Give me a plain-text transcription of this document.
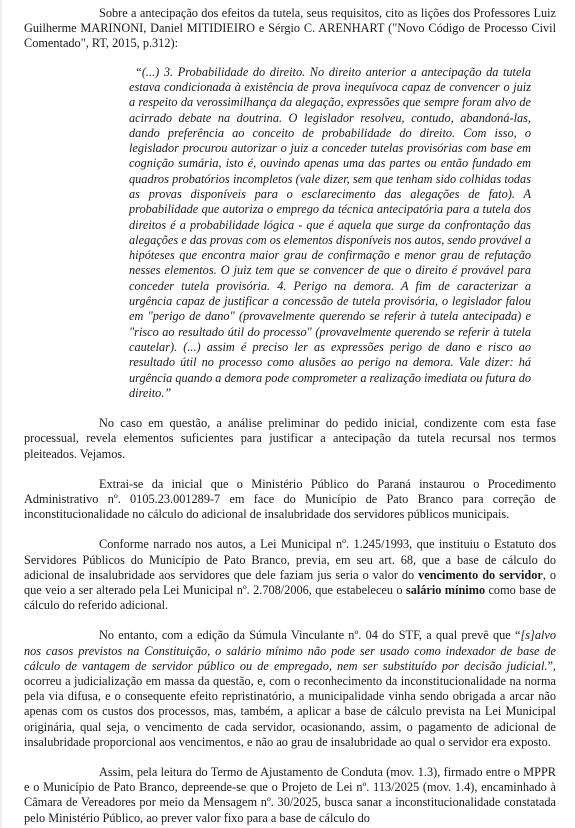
Sobre a antecipação dos efeitos da tutela, seus requisitos, cito as lições dos Professores Luiz Guilherme MARINONI, Daniel MITIDIEIRO e Sérgio C. ARENHART ("Novo Código de Processo Civil Comentado", RT, 2015, p.312):

“(...) 3. Probabilidade do direito. No direito anterior a antecipação da tutela estava condicionada à existência de prova inequívoca capaz de convencer o juiz a respeito da verossimilhança da alegação, expressões que sempre foram alvo de acirrado debate na doutrina. O legislador resolveu, contudo, abandoná-las, dando preferência ao conceito de probabilidade do direito. Com isso, o legislador procurou autorizar o juiz a conceder tutelas provisórias com base em cognição sumária, isto é, ouvindo apenas uma das partes ou então fundado em quadros probatórios incompletos (vale dizer, sem que tenham sido colhidas todas as provas disponíveis para o esclarecimento das alegações de fato). A probabilidade que autoriza o emprego da técnica antecipatória para a tutela dos direitos é a probabilidade lógica - que é aquela que surge da confrontação das alegações e das provas com os elementos disponíveis nos autos, sendo provável a hipóteses que encontra maior grau de confirmação e menor grau de refutação nesses elementos. O juiz tem que se convencer de que o direito é provável para conceder tutela provisória. 4. Perigo na demora. A fim de caracterizar a urgência capaz de justificar a concessão de tutela provisória, o legislador falou em "perigo de dano" (provavelmente querendo se referir à tutela antecipada) e "risco ao resultado útil do processo" (provavelmente querendo se referir à tutela cautelar). (...) assim é preciso ler as expressões perigo de dano e risco ao resultado útil no processo como alusões ao perigo na demora. Vale dizer: há urgência quando a demora pode comprometer a realização imediata ou futura do direito.”

No caso em questão, a análise preliminar do pedido inicial, condizente com esta fase processual, revela elementos suficientes para justificar a antecipação da tutela recursal nos termos pleiteados. Vejamos.

Extrai-se da inicial que o Ministério Público do Paraná instaurou o Procedimento Administrativo nº. 0105.23.001289-7 em face do Município de Pato Branco para correção de inconstitucionalidade no cálculo do adicional de insalubridade dos servidores públicos municipais.

Conforme narrado nos autos, a Lei Municipal nº. 1.245/1993, que instituiu o Estatuto dos Servidores Públicos do Município de Pato Branco, previa, em seu art. 68, que a base de cálculo do adicional de insalubridade aos servidores que dele faziam jus seria o valor do vencimento do servidor, o que veio a ser alterado pela Lei Municipal nº. 2.708/2006, que estabeleceu o salário mínimo como base de cálculo do referido adicional.

No entanto, com a edição da Súmula Vinculante nº. 04 do STF, a qual prevê que “[s]alvo nos casos previstos na Constituição, o salário mínimo não pode ser usado como indexador de base de cálculo de vantagem de servidor público ou de empregado, nem ser substituído por decisão judicial.”, ocorreu a judicialização em massa da questão, e, com o reconhecimento da inconstitucionalidade na norma pela via difusa, e o consequente efeito repristinatório, a municipalidade vinha sendo obrigada a arcar não apenas com os custos dos processos, mas, também, a aplicar a base de cálculo prevista na Lei Municipal originária, qual seja, o vencimento de cada servidor, ocasionando, assim, o pagamento de adicional de insalubridade proporcional aos vencimentos, e não ao grau de insalubridade ao qual o servidor era exposto.

Assim, pela leitura do Termo de Ajustamento de Conduta (mov. 1.3), firmado entre o MPPR e o Município de Pato Branco, depreende-se que o Projeto de Lei nº. 113/2025 (mov. 1.4), encaminhado à Câmara de Vereadores por meio da Mensagem nº. 30/2025, busca sanar a inconstitucionalidade constatada pelo Ministério Público, ao prever valor fixo para a base de cálculo do
